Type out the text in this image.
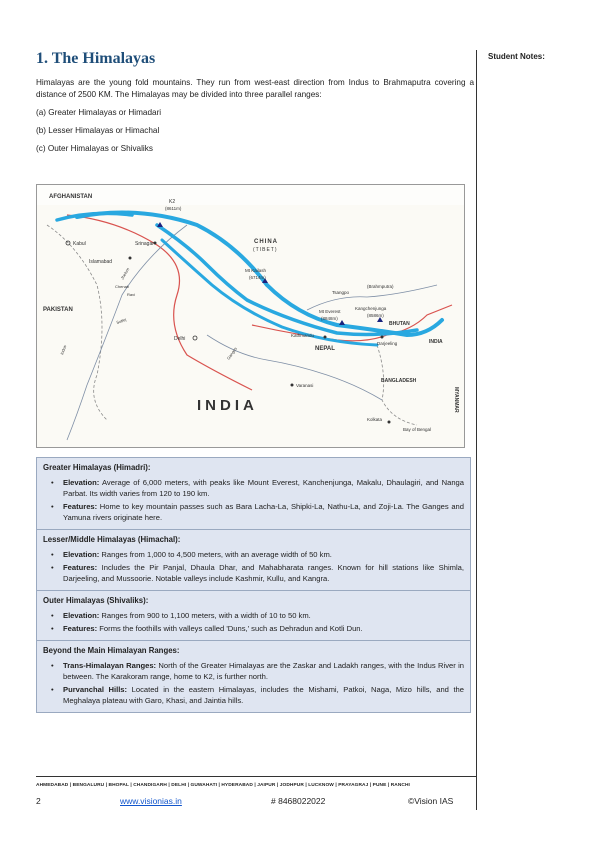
1. The Himalayas

Himalayas are the young fold mountains. They run from west-east direction from Indus to Brahmaputra covering a distance of 2500 KM. The Himalayas may be divided into three parallel ranges:

(a) Greater Himalayas or Himadari

(b) Lesser Himalayas or Himachal

(c) Outer Himalayas or Shivaliks

Student Notes:
AFGHANISTAN
K2
(8611m)
Kabul
Islamabad
Srinagar	CHINA
(TIBET)
PAKISTAN
Jhelum
Chenab
Ravi
Sutlej
Indus
Mt Kailash
(6714m)
Tsangpo
(Brahmputra)
Mt Everest
(8848m)
Kangchenjunga
(8586m)
BHUTAN
INDIA
Delhi
Kathmandu
Darjeeling
NEPAL
Ganges
Varanasi
BANGLADESH
MYANMAR
INDIA
Kolkata
Bay of Bengal
Greater Himalayas (Himadri):
• Elevation: Average of 6,000 meters, with peaks like Mount Everest, Kanchenjunga, Makalu, Dhaulagiri, and Nanga Parbat. Its width varies from 120 to 190 km.
• Features: Home to key mountain passes such as Bara Lacha-La, Shipki-La, Nathu-La, and Zoji-La. The Ganges and Yamuna rivers originate here.
Lesser/Middle Himalayas (Himachal):
• Elevation: Ranges from 1,000 to 4,500 meters, with an average width of 50 km.
• Features: Includes the Pir Panjal, Dhaula Dhar, and Mahabharata ranges. Known for hill stations like Shimla, Darjeeling, and Mussoorie. Notable valleys include Kashmir, Kullu, and Kangra.
Outer Himalayas (Shivaliks):
• Elevation: Ranges from 900 to 1,100 meters, with a width of 10 to 50 km.
• Features: Forms the foothills with valleys called 'Duns,' such as Dehradun and Kotli Dun.
Beyond the Main Himalayan Ranges:
• Trans-Himalayan Ranges: North of the Greater Himalayas are the Zaskar and Ladakh ranges, with the Indus River in between. The Karakoram range, home to K2, is further north.
• Purvanchal Hills: Located in the eastern Himalayas, includes the Mishami, Patkoi, Naga, Mizo hills, and the Meghalaya plateau with Garo, Khasi, and Jaintia hills.
AHMEDABAD | BENGALURU | BHOPAL | CHANDIGARH | DELHI | GUWAHATI | HYDERABAD | JAIPUR | JODHPUR | LUCKNOW | PRAYAGRAJ | PUNE | RANCHI
2	www.visionias.in	# 8468022022	©Vision IAS
